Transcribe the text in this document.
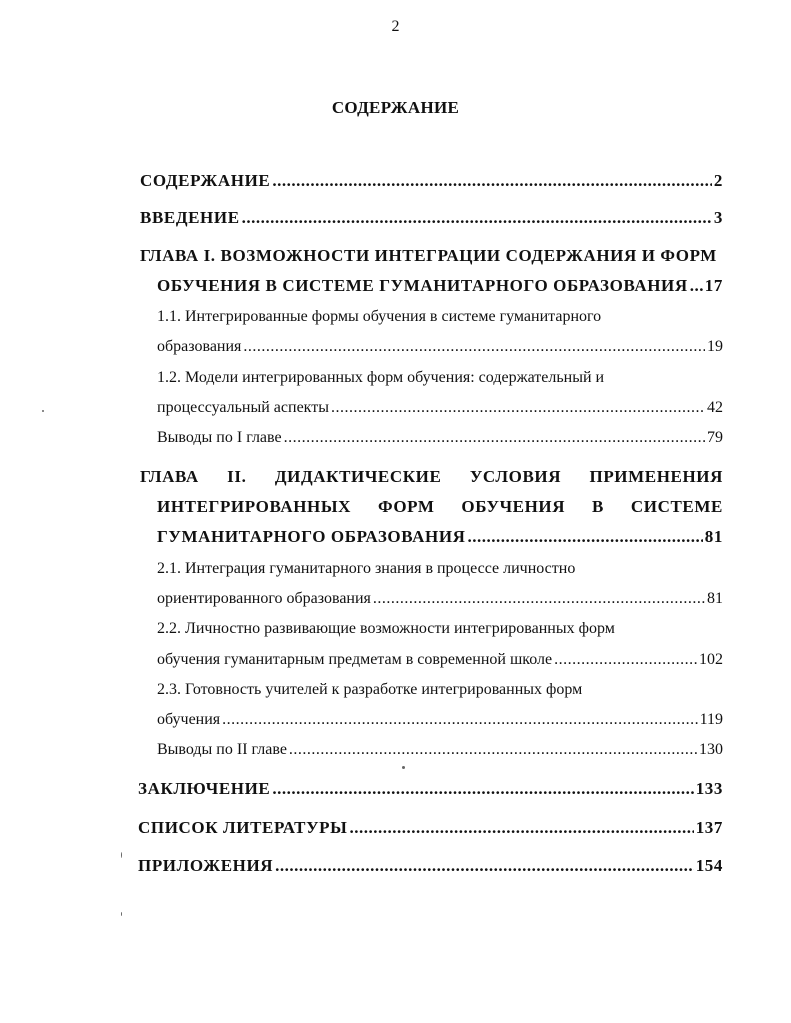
2
СОДЕРЖАНИЕ
СОДЕРЖАНИЕ .....	2
ВВЕДЕНИЕ .....	3
ГЛАВА I. ВОЗМОЖНОСТИ ИНТЕГРАЦИИ СОДЕРЖАНИЯ И ФОРМ
ОБУЧЕНИЯ В СИСТЕМЕ ГУМАНИТАРНОГО ОБРАЗОВАНИЯ ..... 17
1.1. Интегрированные формы обучения в системе гуманитарного
образования .....	19
1.2. Модели интегрированных форм обучения: содержательный и
процессуальный аспекты .....	42
Выводы по I главе .....	79
ГЛАВА II. ДИДАКТИЧЕСКИЕ УСЛОВИЯ ПРИМЕНЕНИЯ
ИНТЕГРИРОВАННЫХ ФОРМ ОБУЧЕНИЯ В СИСТЕМЕ
ГУМАНИТАРНОГО ОБРАЗОВАНИЯ .....	81
2.1. Интеграция гуманитарного знания в процессе личностно
ориентированного образования .....	81
2.2. Личностно развивающие возможности интегрированных форм
обучения гуманитарным предметам в современной школе .....	102
2.3. Готовность учителей к разработке интегрированных форм
обучения .....	119
Выводы по II главе .....	130
ЗАКЛЮЧЕНИЕ .....	133
СПИСОК ЛИТЕРАТУРЫ .....	137
ПРИЛОЖЕНИЯ .....	154
